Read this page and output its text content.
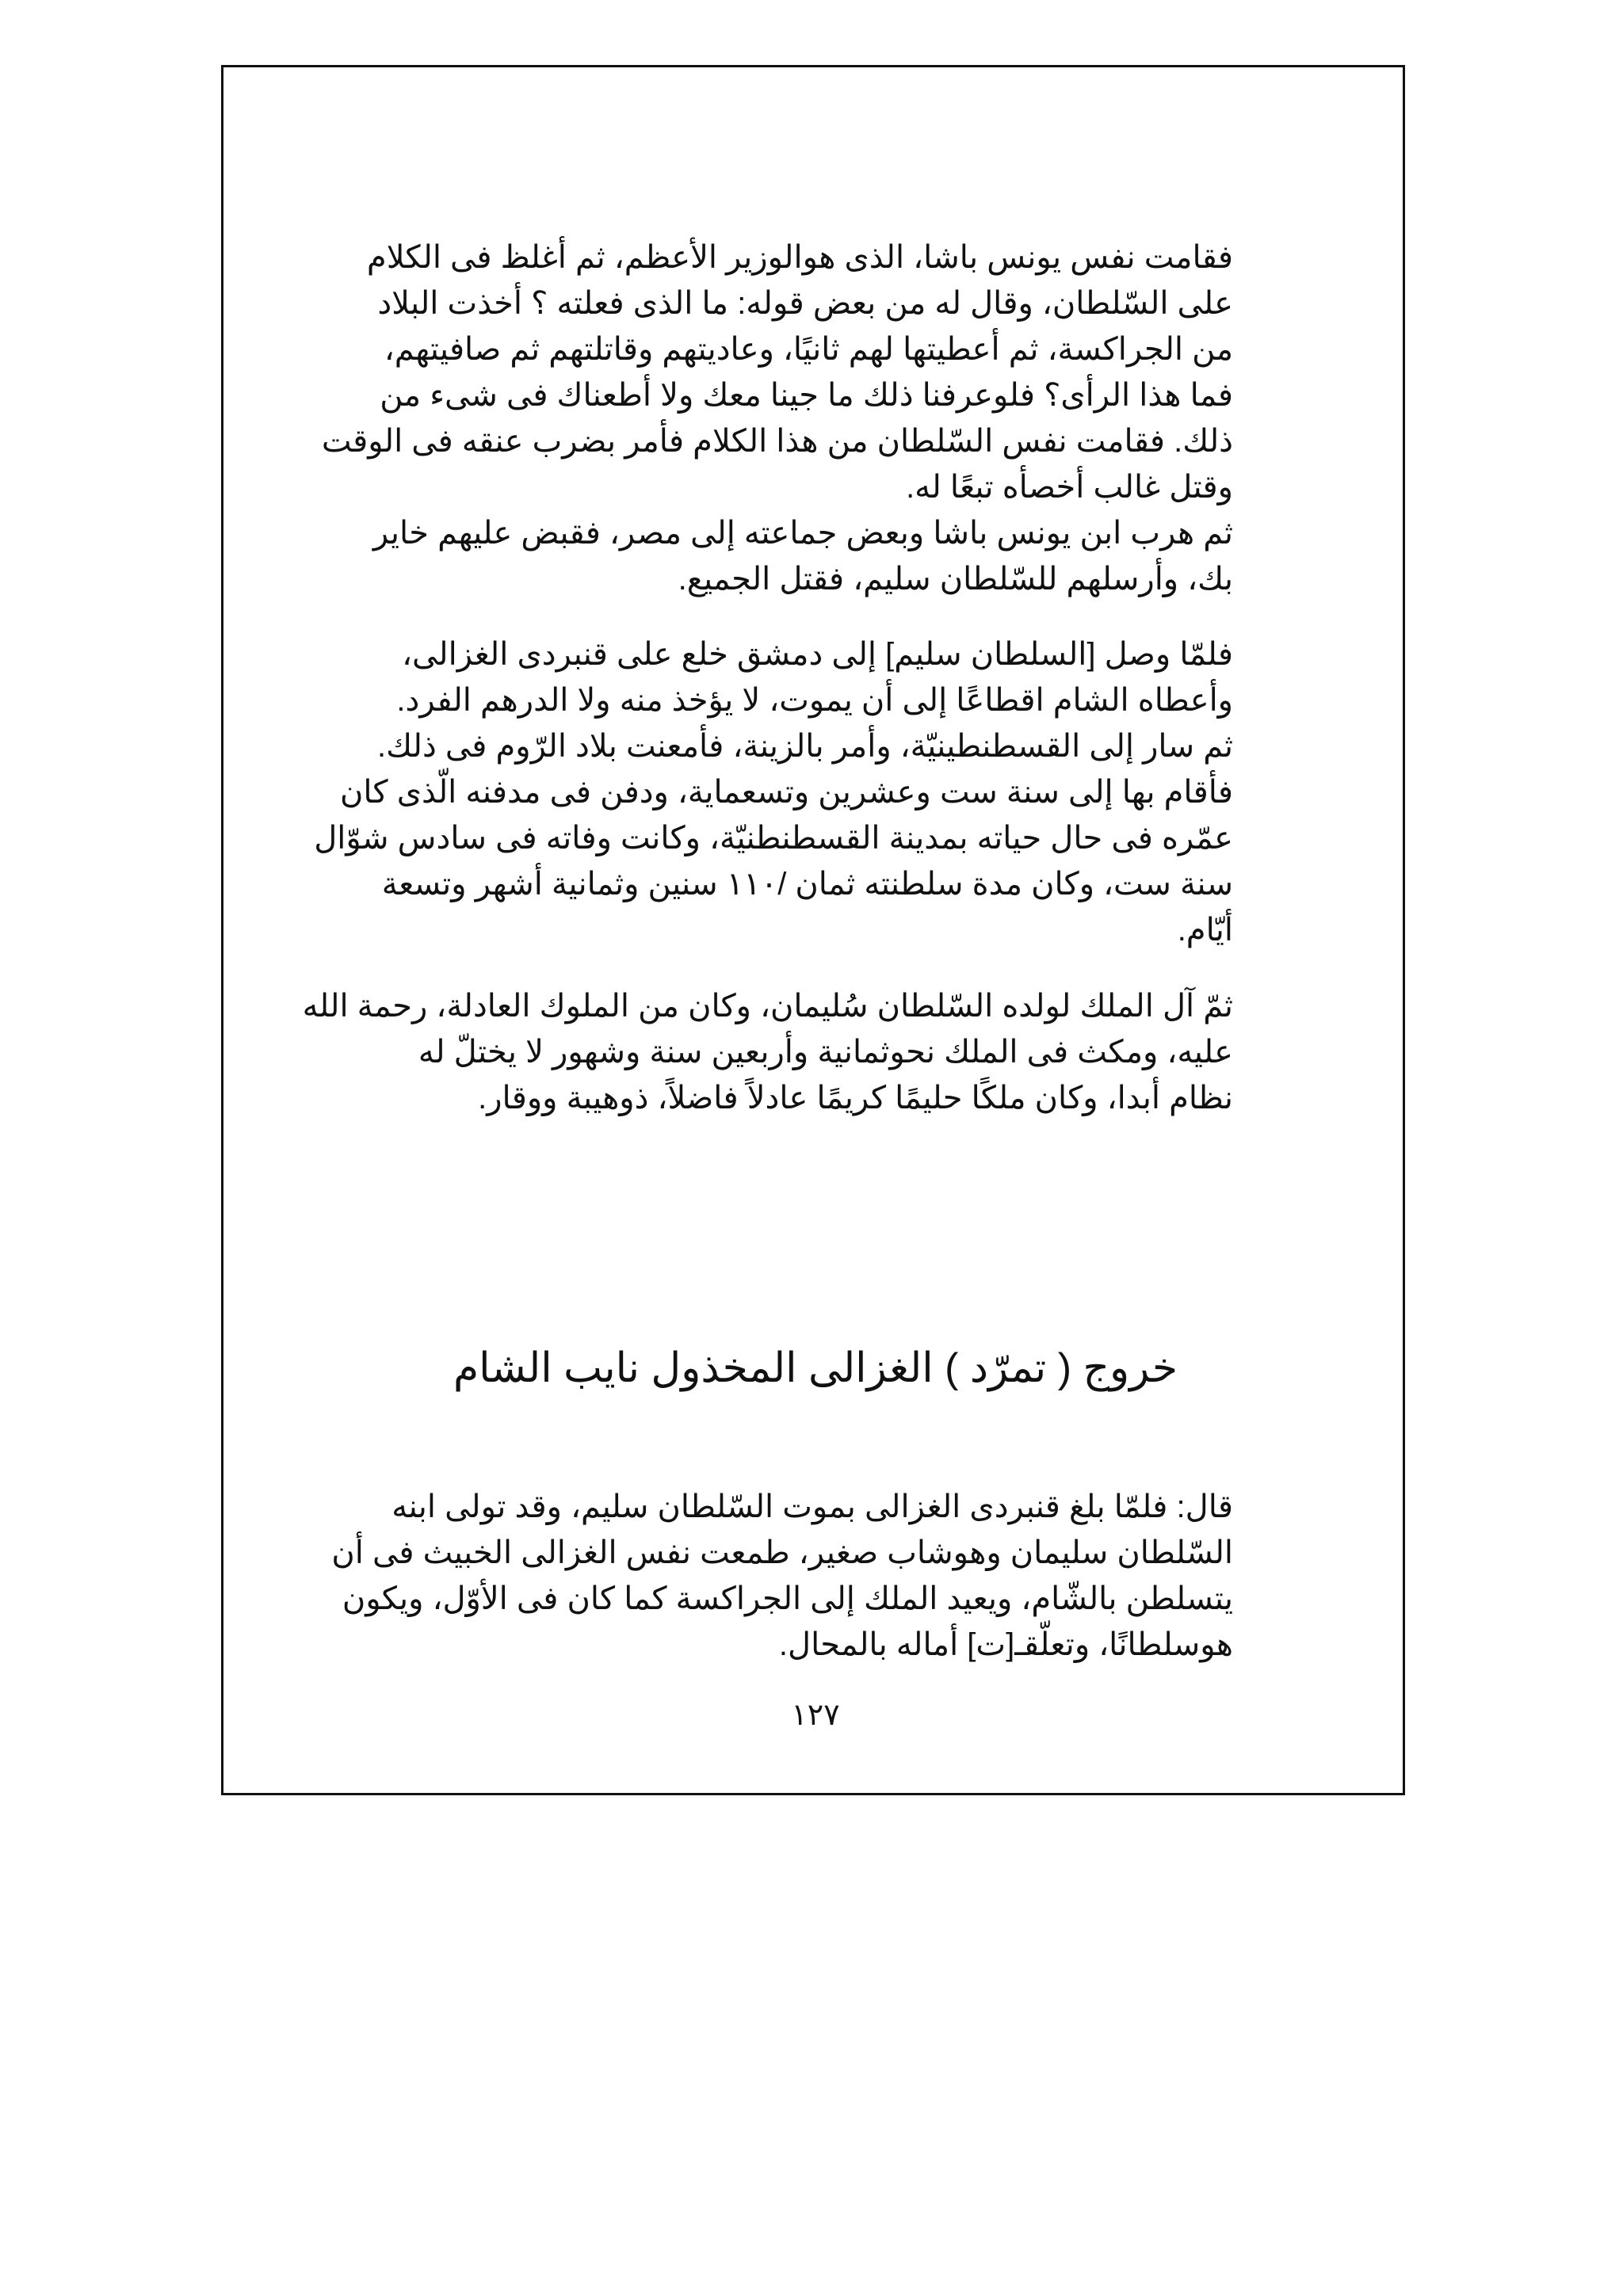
فقامت نفس يونس باشا، الذى هوالوزير الأعظم، ثم أغلظ فى الكلام
على السّلطان، وقال له من بعض قوله: ما الذى فعلته ؟ أخذت البلاد
من الجراكسة، ثم أعطيتها لهم ثانيًا، وعاديتهم وقاتلتهم ثم صافيتهم،
فما هذا الرأى؟ فلوعرفنا ذلك ما جينا معك ولا أطعناك فى شىء من
ذلك. فقامت نفس السّلطان من هذا الكلام فأمر بضرب عنقه فى الوقت
وقتل غالب أخصأه تبعًا له.
ثم هرب ابن يونس باشا وبعض جماعته إلى مصر، فقبض عليهم خاير
بك، وأرسلهم للسّلطان سليم، فقتل الجميع.
فلمّا وصل [السلطان سليم] إلى دمشق خلع على قنبردى الغزالى،
وأعطاه الشام اقطاعًا إلى أن يموت، لا يؤخذ منه ولا الدرهم الفرد.
ثم سار إلى القسطنطينيّة، وأمر بالزينة، فأمعنت بلاد الرّوم فى ذلك.
فأقام بها إلى سنة ست وعشرين وتسعماية، ودفن فى مدفنه الّذى كان
عمّره فى حال حياته بمدينة القسطنطنيّة، وكانت وفاته فى سادس شوّال
سنة ست، وكان مدة سلطنته ثمان /١١٠ سنين وثمانية أشهر وتسعة
أيّام.
ثمّ آل الملك لولده السّلطان سُليمان، وكان من الملوك العادلة، رحمة الله
عليه، ومكث فى الملك نحوثمانية وأربعين سنة وشهور لا يختلّ له
نظام أبدا، وكان ملكًا حليمًا كريمًا عادلاً فاضلاً، ذوهيبة ووقار.
خروج ( تمرّد ) الغزالى المخذول نايب الشام
قال: فلمّا بلغ قنبردى الغزالى بموت السّلطان سليم، وقد تولى ابنه
السّلطان سليمان وهوشاب صغير، طمعت نفس الغزالى الخبيث فى أن
يتسلطن بالشّام، ويعيد الملك إلى الجراكسة كما كان فى الأوّل، ويكون
هوسلطانًا، وتعلّقـ[ت] أماله بالمحال.
١٢٧
